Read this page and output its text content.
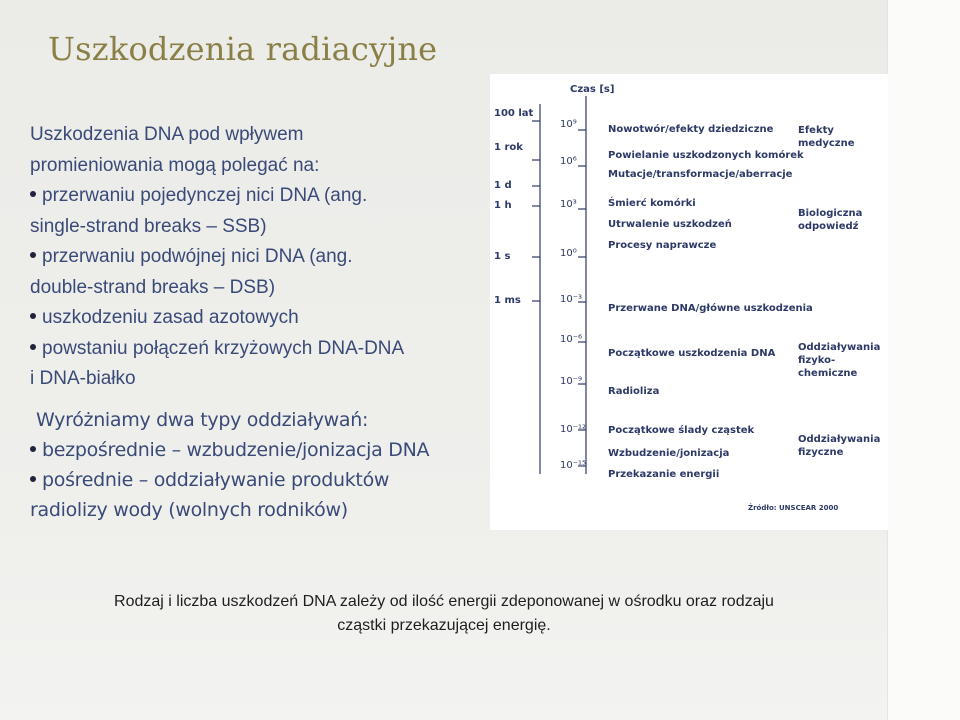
Uszkodzenia radiacyjne
Uszkodzenia DNA pod wpływem
promieniowania mogą polegać na:
przerwaniu pojedynczej nici DNA (ang.
single-strand breaks – SSB)
przerwaniu podwójnej nici DNA (ang.
double-strand breaks – DSB)
uszkodzeniu zasad azotowych
powstaniu połączeń krzyżowych DNA-DNA
i DNA-białko
Wyróżniamy dwa typy oddziaływań:
bezpośrednie – wzbudzenie/jonizacja DNA
pośrednie – oddziaływanie produktów
radiolizy wody (wolnych rodników)
Czas [s]
100 lat
1 rok
1 d
1 h
1 s
1 ms
10⁹
10⁶
10³
10⁰
10⁻³
10⁻⁶
10⁻⁹
10⁻¹²
10⁻¹⁵
Nowotwór/efekty dziedziczne
Powielanie uszkodzonych komórek
Mutacje/transformacje/aberracje
Śmierć komórki
Utrwalenie uszkodzeń
Procesy naprawcze
Przerwane DNA/główne uszkodzenia
Początkowe uszkodzenia DNA
Radioliza
Początkowe ślady cząstek
Wzbudzenie/jonizacja
Przekazanie energii
Efekty
medyczne
Biologiczna
odpowiedź
Oddziaływania
fizyko-chemiczne
Oddziaływania
fizyczne
Źródło: UNSCEAR 2000
Rodzaj i liczba uszkodzeń DNA zależy od ilość energii zdeponowanej w ośrodku oraz rodzaju
cząstki przekazującej energię.
